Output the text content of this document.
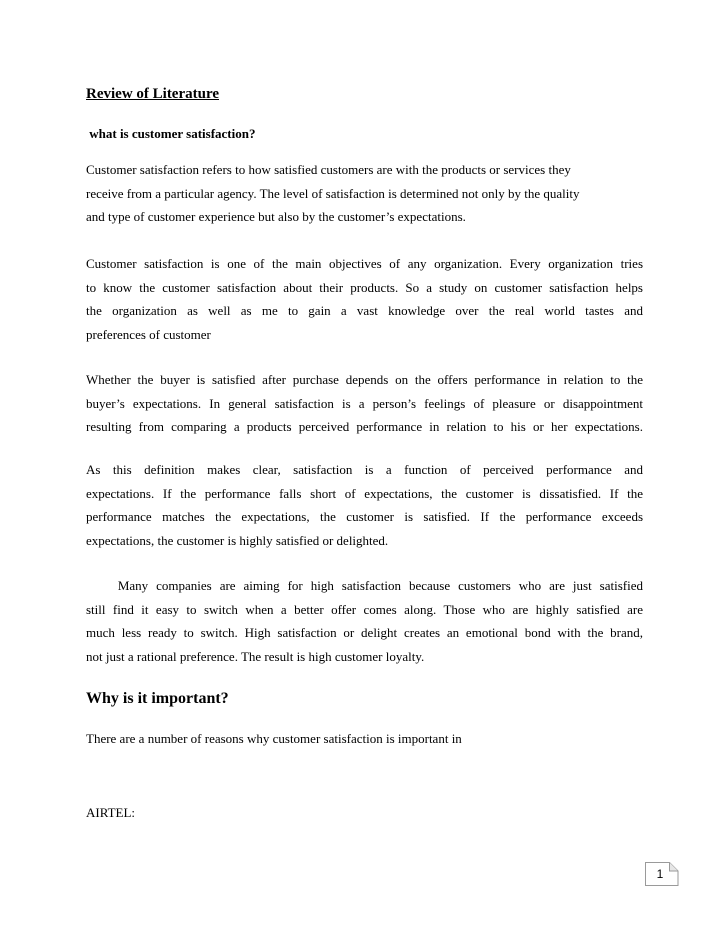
Review of Literature
what is customer satisfaction?
Customer satisfaction refers to how satisfied customers are with the products or services they
receive from a particular agency. The level of satisfaction is determined not only by the quality
and type of customer experience but also by the customer’s expectations.
Customer satisfaction is one of the main objectives of any organization. Every organization tries
to know the customer satisfaction about their products. So a study on customer satisfaction helps
the organization as well as me to gain a vast knowledge over the real world tastes and
preferences of customer
Whether the buyer is satisfied after purchase depends on the offers performance in relation to the
buyer’s expectations. In general satisfaction is a person’s feelings of pleasure or disappointment
resulting from comparing a products perceived performance in relation to his or her expectations.
As this definition makes clear, satisfaction is a function of perceived performance and
expectations. If the performance falls short of expectations, the customer is dissatisfied. If the
performance matches the expectations, the customer is satisfied. If the performance exceeds
expectations, the customer is highly satisfied or delighted.
Many companies are aiming for high satisfaction because customers who are just satisfied
still find it easy to switch when a better offer comes along. Those who are highly satisfied are
much less ready to switch. High satisfaction or delight creates an emotional bond with the brand,
not just a rational preference. The result is high customer loyalty.
Why is it important?
There are a number of reasons why customer satisfaction is important in
AIRTEL:
1
